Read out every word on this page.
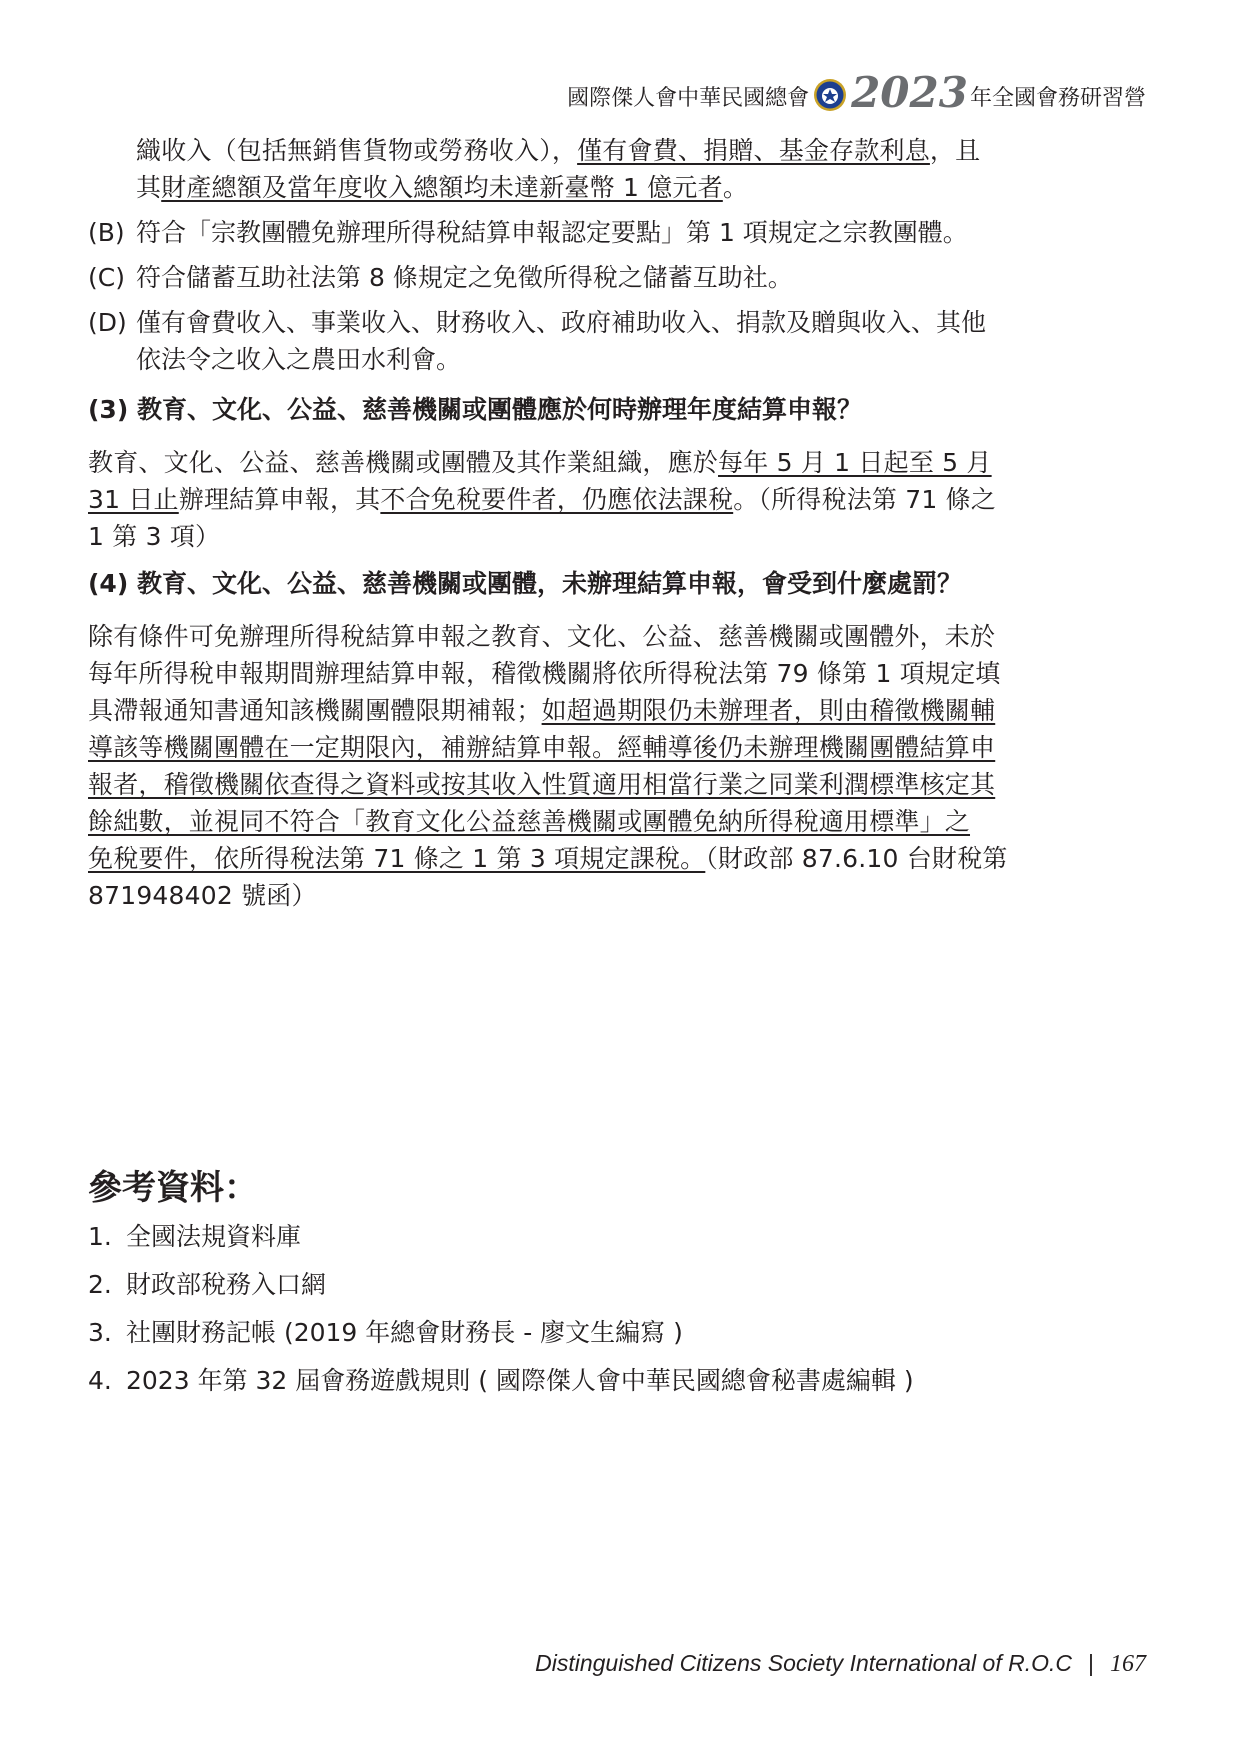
國際傑人會中華民國總會 2023 年全國會務研習營
織收入（包括無銷售貨物或勞務收入），僅有會費、捐贈、基金存款利息，且
其財產總額及當年度收入總額均未達新臺幣 1 億元者。
(B) 符合「宗教團體免辦理所得稅結算申報認定要點」第 1 項規定之宗教團體。
(C) 符合儲蓄互助社法第 8 條規定之免徵所得稅之儲蓄互助社。
(D) 僅有會費收入、事業收入、財務收入、政府補助收入、捐款及贈與收入、其他
依法令之收入之農田水利會。
(3) 教育、文化、公益、慈善機關或團體應於何時辦理年度結算申報？
教育、文化、公益、慈善機關或團體及其作業組織，應於每年 5 月 1 日起至 5 月
31 日止辦理結算申報，其不合免稅要件者，仍應依法課稅。（所得稅法第 71 條之
1 第 3 項）
(4) 教育、文化、公益、慈善機關或團體，未辦理結算申報，會受到什麼處罰？
除有條件可免辦理所得稅結算申報之教育、文化、公益、慈善機關或團體外，未於
每年所得稅申報期間辦理結算申報，稽徵機關將依所得稅法第 79 條第 1 項規定填
具滯報通知書通知該機關團體限期補報；如超過期限仍未辦理者，則由稽徵機關輔
導該等機關團體在一定期限內，補辦結算申報。經輔導後仍未辦理機關團體結算申
報者，稽徵機關依查得之資料或按其收入性質適用相當行業之同業利潤標準核定其
餘絀數，並視同不符合「教育文化公益慈善機關或團體免納所得稅適用標準」之
免稅要件，依所得稅法第 71 條之 1 第 3 項規定課稅。（財政部 87.6.10 台財稅第
871948402 號函）
參考資料：
1. 全國法規資料庫
2. 財政部稅務入口網
3. 社團財務記帳 (2019 年總會財務長 - 廖文生編寫 )
4. 2023 年第 32 屆會務遊戲規則 ( 國際傑人會中華民國總會秘書處編輯 )
Distinguished Citizens Society International of R.O.C | 167
